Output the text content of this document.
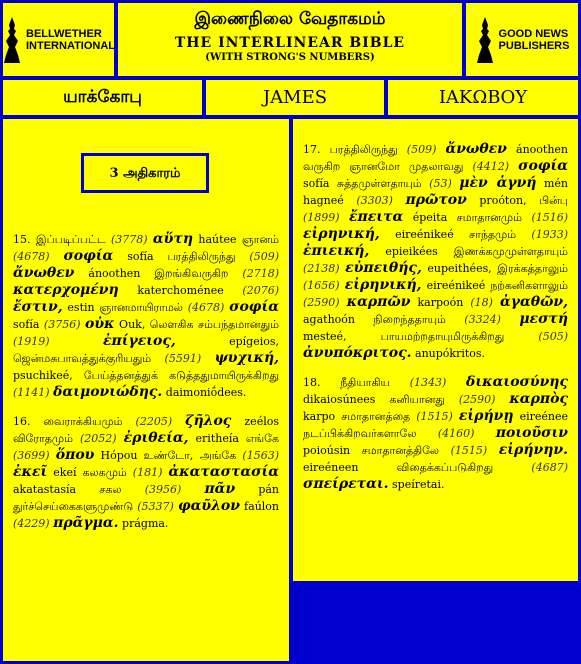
BELLWETHER
INTERNATIONAL
இணைநிலை வேதாகமம்
THE INTERLINEAR BIBLE
(WITH STRONG'S NUMBERS)
GOOD NEWS
PUBLISHERS
யாக்கோபு	JAMES	ΙΑΚΩΒΟΥ
3 அதிகாரம்

15. இப்படிப்பட்ட (3778) αὕτη haútee ஞானம் (4678) σοφία sofía பரத்திலிருந்து (509) ἄνωθεν ánoothen இறங்கிவருகிற (2718) κατερχομένη katerchoménee (2076) ἔστιν, estin ஞானமாயிராமல் (4678) σοφία sofía (3756) οὐκ Ouk, லௌகிக சம்பந்தமானதும் (1919)	ἐπίγειος, epígeios, ஜென்மசுபாவத்துக்குரியதும் (5591) ψυχική, psuchikeé, பேய்த்தனத்துக் கடுத்ததுமாயிருக்கிறது (1141) δαιμονιώδης. daimoniṓdees.

16. வைராக்கியமும் (2205) ζῆλος zeélos விரோதமும் (2052) ἐριθεία, eritheía எங்கே (3699) ὅπου Hópou உண்டோ, அங்கே (1563) ἐκεῖ ekeí கலகமும் (181) ἀκαταστασία akatastasía சகல (3956) πᾶν pán துர்ச்செய்கைகளுமுண்டு (5337) φαῦλον faúlon (4229) πρᾶγμα. prágma.

17. பரத்திலிருந்து (509) ἄνωθεν ánoothen வருகிற ஞானமோ முதலாவது (4412) σοφία sofía சுத்தமுள்ளதாயும் (53) μὲν ἁγνή mén hagneé (3303) πρῶτον proóton, பின்பு (1899) ἔπειτα épeita சமாதானமும் (1516) εἰρηνική, eireénikeé சாந்தமும் (1933) ἐπιεική, epieikées இணக்கமுமுள்ளதாயும் (2138) εὐπειθής, eupeithées, இரக்கத்தாலும் (1656) εἰρηνική, eireénikeé நற்கனிகளாலும் (2590) καρπῶν karpoón (18) ἀγαθῶν, agathoón நிறைந்ததாயும் (3324) μεστή mesteé, பாயமற்றதாயுமிருக்கிறது (505) ἀνυπόκριτος. anupókritos.

18. நீதியாகிய (1343) δικαιοσύνης dikaiosúnees கனியானது (2590) καρπὸς karpo சமாதானத்தை (1515) εἰρήνῃ eireénee நடப்பிக்கிறவர்களாலே (4160) ποιοῦσιν poioúsin சமாதானத்திலே (1515) εἰρήνην. eireéneen விதைக்கப்படுகிறது (4687) σπείρεται. speíretai.
